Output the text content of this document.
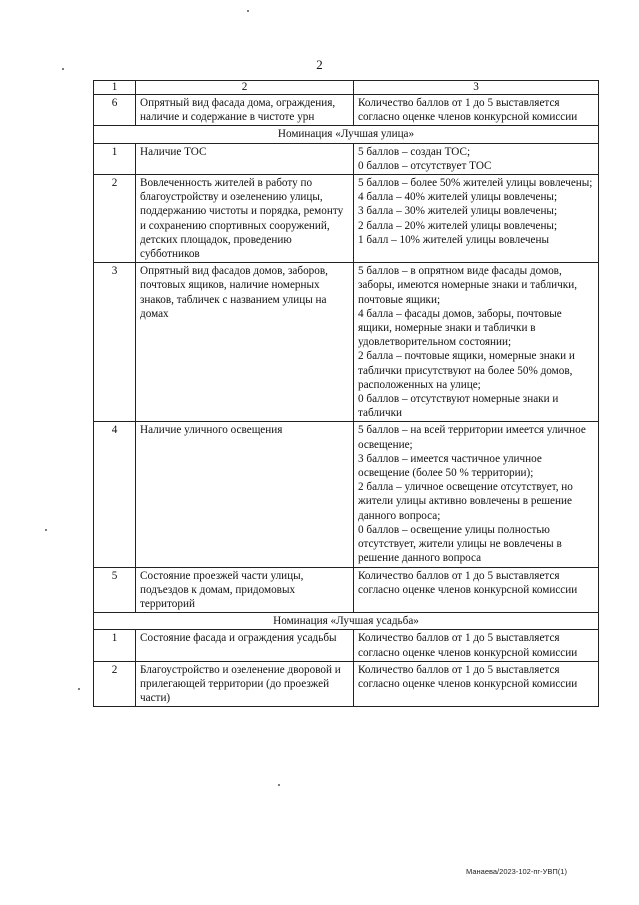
2
1	2	3
6	Опрятный вид фасада дома, ограждения, наличие и содержание в чистоте урн	Количество баллов от 1 до 5 выставляется согласно оценке членов конкурсной комиссии

Номинация «Лучшая улица»		
1	Наличие ТОС	5 баллов – создан ТОС;
0 баллов – отсутствует ТОС

2	Вовлеченность жителей в работу по благоустройству и озеленению улицы, поддержанию чистоты и порядка, ремонту и сохранению спортивных сооружений, детских площадок, проведению субботников	5 баллов – более 50% жителей улицы вовлечены;
4 балла – 40% жителей улицы вовлечены;
3 балла – 30% жителей улицы вовлечены;
2 балла – 20% жителей улицы вовлечены;
1 балл – 10% жителей улицы вовлечены

3	Опрятный вид фасадов домов, заборов, почтовых ящиков, наличие номерных знаков, табличек с названием улицы на домах	5 баллов – в опрятном виде фасады домов, заборы, имеются номерные знаки и таблички, почтовые ящики;
4 балла – фасады домов, заборы, почтовые ящики, номерные знаки и таблички в удовлетворительном состоянии;
2 балла – почтовые ящики, номерные знаки и таблички присутствуют на более 50% домов, расположенных на улице;
0 баллов – отсутствуют номерные знаки и таблички

4	Наличие уличного освещения	5 баллов – на всей территории имеется уличное освещение;
3 баллов – имеется частичное уличное освещение (более 50 % территории);
2 балла – уличное освещение отсутствует, но жители улицы активно вовлечены в решение данного вопроса;
0 баллов – освещение улицы полностью отсутствует, жители улицы не вовлечены в решение данного вопроса

5	Состояние проезжей части улицы, подъездов к домам, придомовых территорий	Количество баллов от 1 до 5 выставляется согласно оценке членов конкурсной комиссии

Номинация «Лучшая усадьба»		
1	Состояние фасада и ограждения усадьбы	Количество баллов от 1 до 5 выставляется согласно оценке членов конкурсной комиссии

2	Благоустройство и озеленение дворовой и прилегающей территории (до проезжей части)	Количество баллов от 1 до 5 выставляется согласно оценке членов конкурсной комиссии
Манаева/2023-102-пг-УВП(1)
